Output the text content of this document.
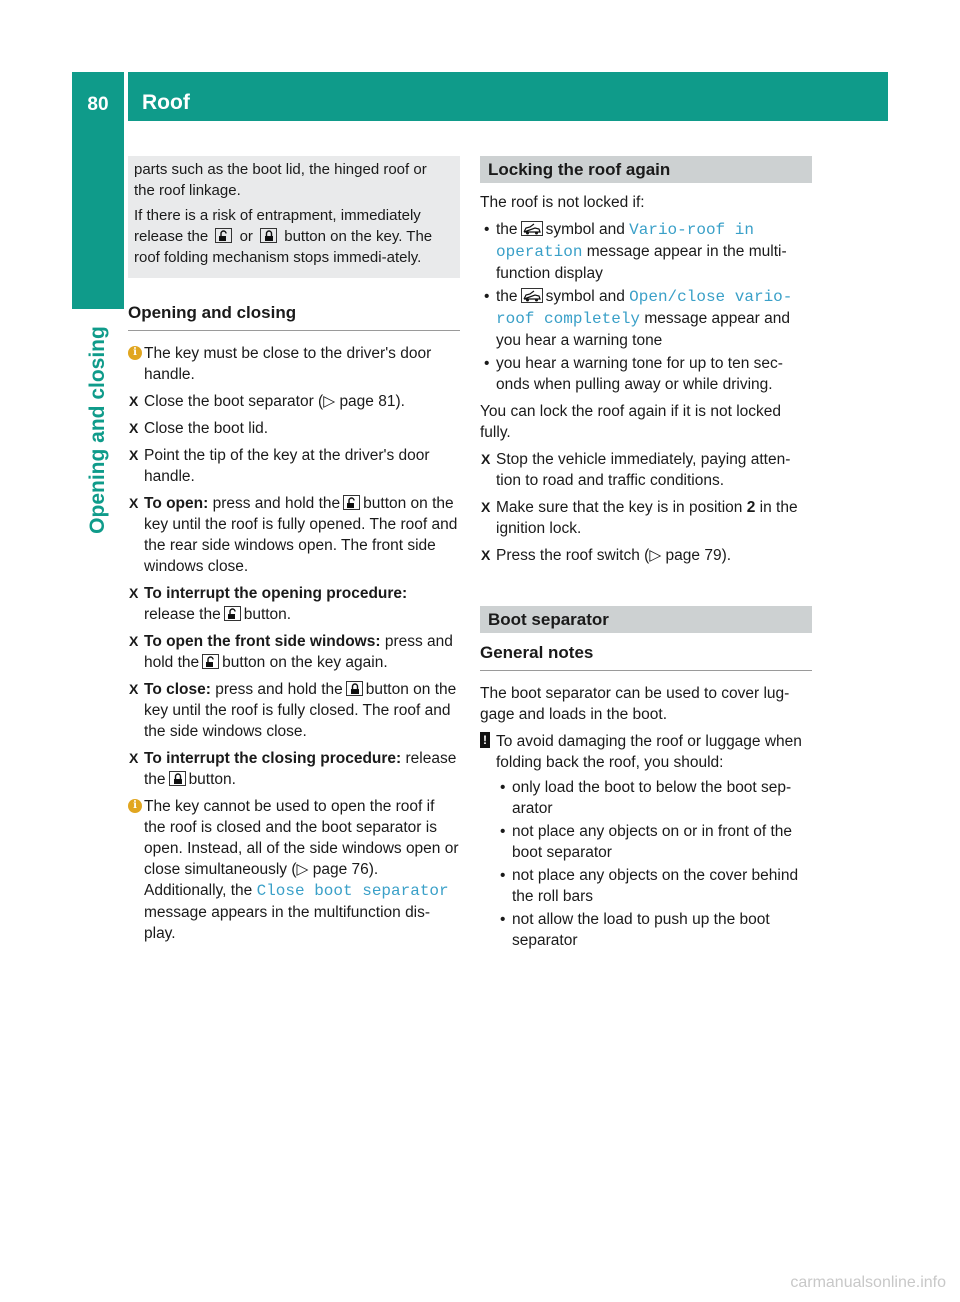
80	Roof
Opening and closing

parts such as the boot lid, the hinged roof or the roof linkage.

If there is a risk of entrapment, immediately release the or button on the key. The roof folding mechanism stops immedi-ately.

Opening and closing
i The key must be close to the driver's door handle.
X Close the boot separator (▷ page 81).
X Close the boot lid.
X Point the tip of the key at the driver's door handle.
X To open: press and hold the button on the key until the roof is fully opened. The roof and the rear side windows open. The front side windows close.
X To interrupt the opening procedure: release the button.
X To open the front side windows: press and hold the button on the key again.
X To close: press and hold the button on the key until the roof is fully closed. The roof and the side windows close.
X To interrupt the closing procedure: release the button.
i The key cannot be used to open the roof if the roof is closed and the boot separator is open. Instead, all of the side windows open or close simultaneously (▷ page 76). Additionally, the Close boot separator message appears in the multifunction dis-play.
Locking the roof again
The roof is not locked if:
• the symbol and Vario-roof in operation message appear in the multi-function display
• the symbol and Open/close vario-roof completely message appear and you hear a warning tone
• you hear a warning tone for up to ten sec-onds when pulling away or while driving.
You can lock the roof again if it is not locked fully.
X Stop the vehicle immediately, paying atten-tion to road and traffic conditions.
X Make sure that the key is in position 2 in the ignition lock.
X Press the roof switch (▷ page 79).
Boot separator
General notes
The boot separator can be used to cover lug-gage and loads in the boot.
! To avoid damaging the roof or luggage when folding back the roof, you should:
• only load the boot to below the boot sep-arator
• not place any objects on or in front of the boot separator
• not place any objects on the cover behind the roll bars
• not allow the load to push up the boot separator
carmanualsonline.info
